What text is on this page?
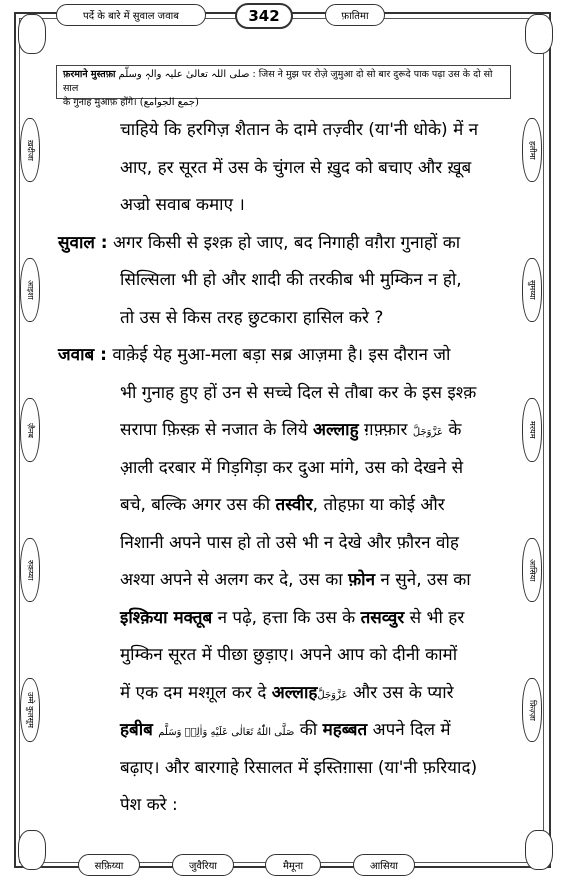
पर्दे के बारे में सुवाल जवाब	342	फ़ातिमा
फ़रमाने मुस्तफ़ा صلی اللہ تعالیٰ علیہ والہٖ وسلّم : जिस ने मुझ पर रोज़े जुमुआ दो सो बार दुरूदे पाक पढ़ा उस के दो सो साल
के गुनाह मुआफ़ होंगे। (جمع الجوامع)
ख़दीजा
आइशा
ज़ैनब
रुक़य्या
उम्मे कुलसूम
हलीमा
सुमय्या
मरयम
आसिया
फ़िज़्ज़ा
चाहिये कि हरगिज़ शैतान के दामे तज़्वीर (या'नी धोके) में न
आए, हर सूरत में उस के चुंगल से ख़ुद को बचाए और ख़ूब
अज्रो सवाब कमाए ।
सुवाल : अगर किसी से इश्क़ हो जाए, बद निगाही वग़ैरा गुनाहों का
सिल्सिला भी हो और शादी की तरकीब भी मुम्किन न हो,
तो उस से किस तरह छुटकारा हासिल करे ?
जवाब : वाक़ेई येह मुआ-मला बड़ा सब्र आज़मा है। इस दौरान जो
भी गुनाह हुए हों उन से सच्चे दिल से तौबा कर के इस इश्क़
सरापा फ़िस्क़ से नजात के लिये अल्लाहु ग़फ़्फ़ार عَزَّوَجَلَّ के
आ़ली दरबार में गिड़गिड़ा कर दुआ मांगे, उस को देखने से
बचे, बल्कि अगर उस की तस्वीर, तोहफ़ा या कोई और
निशानी अपने पास हो तो उसे भी न देखे और फ़ौरन वोह
अश्या अपने से अलग कर दे, उस का फ़ोन न सुने, उस का
इश्क़िया मक्तूब न पढ़े, हत्ता कि उस के तसव्वुर से भी हर
मुम्किन सूरत में पीछा छुड़ाए। अपने आप को दीनी कामों
में एक दम मश्ग़ूल कर दे अल्लाहعَزَّوَجَلَّ और उस के प्यारे
हबीब صَلَّى اللّٰهُ تَعَالٰى عَلَيْهِ وَاٰلِهٖ وَسَلَّم की महब्बत अपने दिल में
बढ़ाए। और बारगाहे रिसालत में इस्तिग़ासा (या'नी फ़रियाद)
पेश करे :
सफ़िय्या	जुवैरिया	मैमूना	आसिया
